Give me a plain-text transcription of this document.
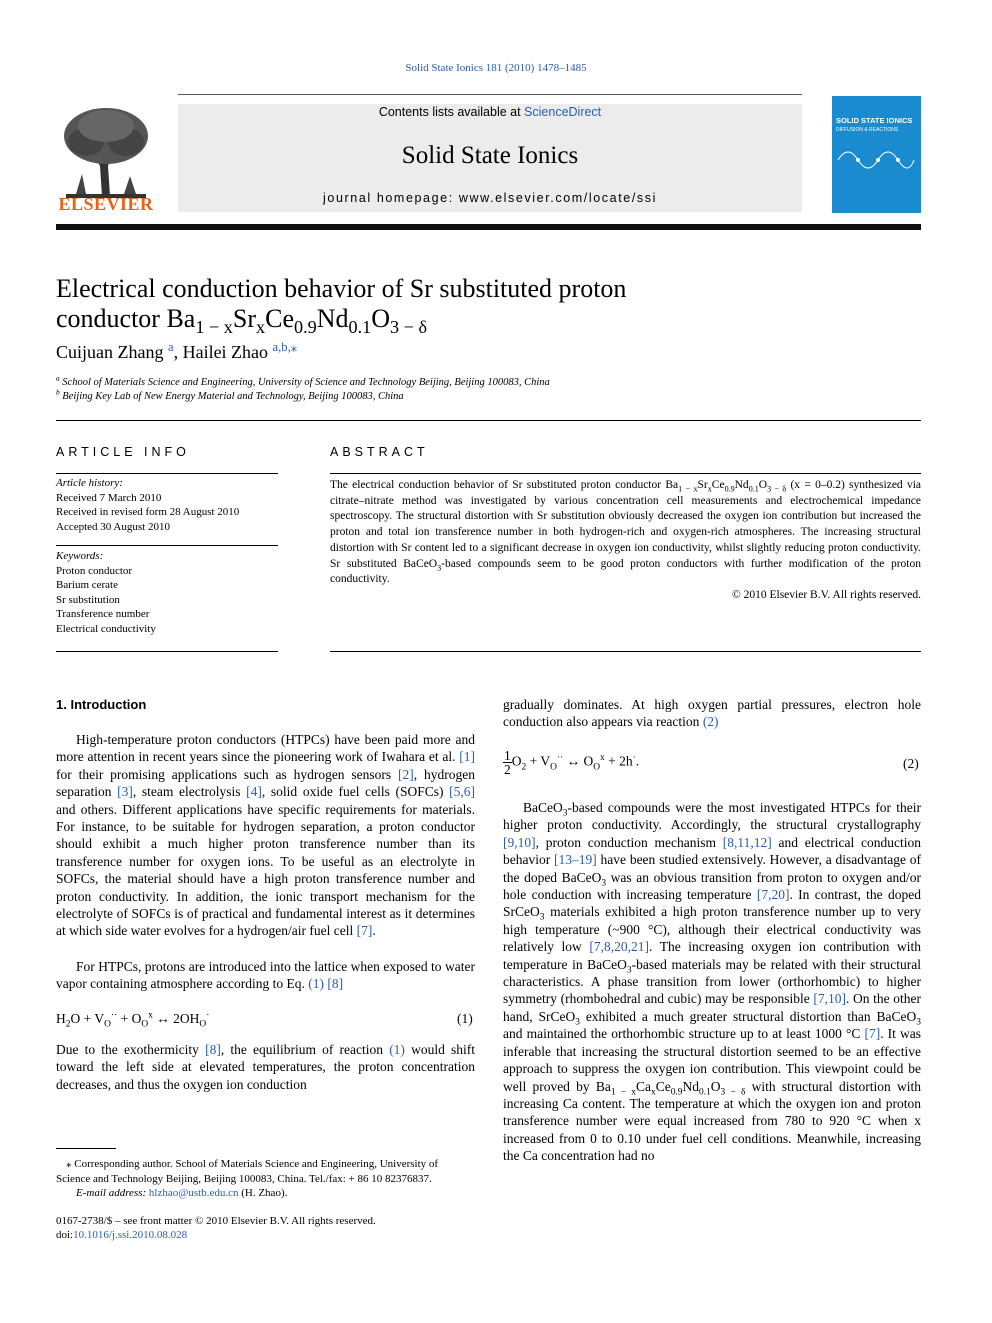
Solid State Ionics 181 (2010) 1478–1485
ELSEVIER
Contents lists available at ScienceDirect
Solid State Ionics
journal homepage: www.elsevier.com/locate/ssi
SOLID STATE IONICS
DIFFUSION & REACTIONS
Electrical conduction behavior of Sr substituted proton
conductor $Ba_{1 - x}Sr_xCe_{0.9}Nd_{0.1}O_{3 - \delta}$
Cuijuan Zhang $^a$, Hailei Zhao $^{a,b,⁎}$
$^a$ School of Materials Science and Engineering, University of Science and Technology Beijing, Beijing 100083, China
$^b$ Beijing Key Lab of New Energy Material and Technology, Beijing 100083, China
ARTICLE INFO
Article history:
Received 7 March 2010
Received in revised form 28 August 2010
Accepted 30 August 2010
Keywords:
Proton conductor
Barium cerate
Sr substitution
Transference number
Electrical conductivity
ABSTRACT
The electrical conduction behavior of Sr substituted proton conductor $Ba_{1 - x}Sr_xCe_{0.9}Nd_{0.1}O_{3 - \delta}$ (x = 0–0.2) synthesized via citrate–nitrate method was investigated by various concentration cell measurements and electrochemical impedance spectroscopy. The structural distortion with Sr substitution obviously decreased the oxygen ion contribution but increased the proton and total ion transference number in both hydrogen-rich and oxygen-rich atmospheres. The increasing structural distortion with Sr content led to a significant decrease in oxygen ion conductivity, whilst slightly reducing proton conductivity. Sr substituted BaCeO$_3$-based compounds seem to be good proton conductors with further modification of the proton conductivity.
© 2010 Elsevier B.V. All rights reserved.
1. Introduction
High-temperature proton conductors (HTPCs) have been paid more and more attention in recent years since the pioneering work of Iwahara et al. [1] for their promising applications such as hydrogen sensors [2], hydrogen separation [3], steam electrolysis [4], solid oxide fuel cells (SOFCs) [5,6] and others. Different applications have specific requirements for materials. For instance, to be suitable for hydrogen separation, a proton conductor should exhibit a much higher proton transference number than its transference number for oxygen ions. To be useful as an electrolyte in SOFCs, the material should have a high proton transference number and proton conductivity. In addition, the ionic transport mechanism for the electrolyte of SOFCs is of practical and fundamental interest as it determines at which side water evolves for a hydrogen/air fuel cell [7].
For HTPCs, protons are introduced into the lattice when exposed to water vapor containing atmosphere according to Eq. (1) [8]
$H_2O + V_O^{\cdot\cdot} + O_O^x$ ↔ $2OH_O^\cdot$	(1)
Due to the exothermicity [8], the equilibrium of reaction (1) would shift toward the left side at elevated temperatures, the proton concentration decreases, and thus the oxygen ion conduction
⁎ Corresponding author. School of Materials Science and Engineering, University of Science and Technology Beijing, Beijing 100083, China. Tel./fax: + 86 10 82376837.
E-mail address: hlzhao@ustb.edu.cn (H. Zhao).
0167-2738/$ – see front matter © 2010 Elsevier B.V. All rights reserved.
doi:10.1016/j.ssi.2010.08.028
gradually dominates. At high oxygen partial pressures, electron hole conduction also appears via reaction (2)
$\frac{1}{2} O_2 + V_O^{\cdot\cdot}$ ↔ $O_O^x + 2h^\cdot$.	(2)
BaCeO$_3$-based compounds were the most investigated HTPCs for their higher proton conductivity. Accordingly, the structural crystallography [9,10], proton conduction mechanism [8,11,12] and electrical conduction behavior [13–19] have been studied extensively. However, a disadvantage of the doped BaCeO$_3$ was an obvious transition from proton to oxygen and/or hole conduction with increasing temperature [7,20]. In contrast, the doped SrCeO$_3$ materials exhibited a high proton transference number up to very high temperature (~900 °C), although their electrical conductivity was relatively low [7,8,20,21]. The increasing oxygen ion contribution with temperature in BaCeO$_3$-based materials may be related with their structural characteristics. A phase transition from lower (orthorhombic) to higher symmetry (rhombohedral and cubic) may be responsible [7,10]. On the other hand, SrCeO$_3$ exhibited a much greater structural distortion than BaCeO$_3$ and maintained the orthorhombic structure up to at least 1000 °C [7]. It was inferable that increasing the structural distortion seemed to be an effective approach to suppress the oxygen ion contribution. This viewpoint could be well proved by $Ba_{1 - x}Ca_xCe_{0.9}Nd_{0.1}O_{3 - \delta}$ with structural distortion with increasing Ca content. The temperature at which the oxygen ion and proton transference number were equal increased from 780 to 920 °C when x increased from 0 to 0.10 under fuel cell conditions. Meanwhile, increasing the Ca concentration had no
